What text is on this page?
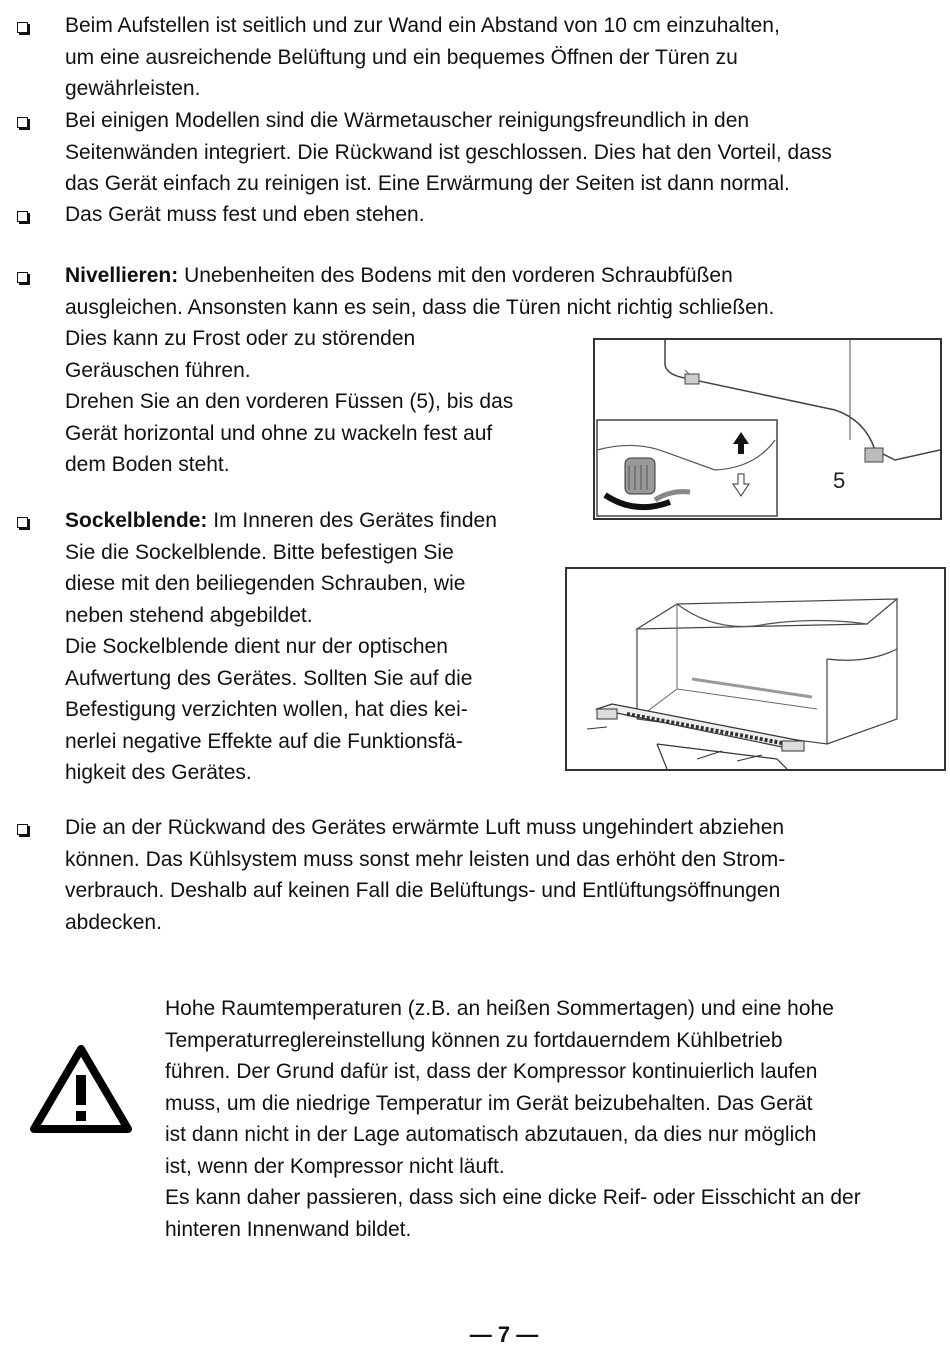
Beim Aufstellen ist seitlich und zur Wand ein Abstand von 10 cm einzuhalten,
um eine ausreichende Belüftung und ein bequemes Öffnen der Türen zu
gewährleisten.
Bei einigen Modellen sind die Wärmetauscher reinigungsfreundlich in den
Seitenwänden integriert. Die Rückwand ist geschlossen. Dies hat den Vorteil, dass
das Gerät einfach zu reinigen ist. Eine Erwärmung der Seiten ist dann normal.
Das Gerät muss fest und eben stehen.
Nivellieren: Unebenheiten des Bodens mit den vorderen Schraubfüßen
ausgleichen. Ansonsten kann es sein, dass die Türen nicht richtig schließen.
Dies kann zu Frost oder zu störenden
Geräuschen führen.
Drehen Sie an den vorderen Füssen (5), bis das
Gerät horizontal und ohne zu wackeln fest auf
dem Boden steht.
5
Sockelblende: Im Inneren des Gerätes finden
Sie die Sockelblende. Bitte befestigen Sie
diese mit den beiliegenden Schrauben, wie
neben stehend abgebildet.
Die Sockelblende dient nur der optischen
Aufwertung des Gerätes. Sollten Sie auf die
Befestigung verzichten wollen, hat dies kei-
nerlei negative Effekte auf die Funktionsfä-
higkeit des Gerätes.
Die an der Rückwand des Gerätes erwärmte Luft muss ungehindert abziehen
können. Das Kühlsystem muss sonst mehr leisten und das erhöht den Strom-
verbrauch. Deshalb auf keinen Fall die Belüftungs- und Entlüftungsöffnungen
abdecken.
Hohe Raumtemperaturen (z.B. an heißen Sommertagen) und eine hohe
Temperaturreglereinstellung können zu fortdauerndem Kühlbetrieb
führen. Der Grund dafür ist, dass der Kompressor kontinuierlich laufen
muss, um die niedrige Temperatur im Gerät beizubehalten. Das Gerät
ist dann nicht in der Lage automatisch abzutauen, da dies nur möglich
ist, wenn der Kompressor nicht läuft.
Es kann daher passieren, dass sich eine dicke Reif- oder Eisschicht an der
hinteren Innenwand bildet.
— 7 —
